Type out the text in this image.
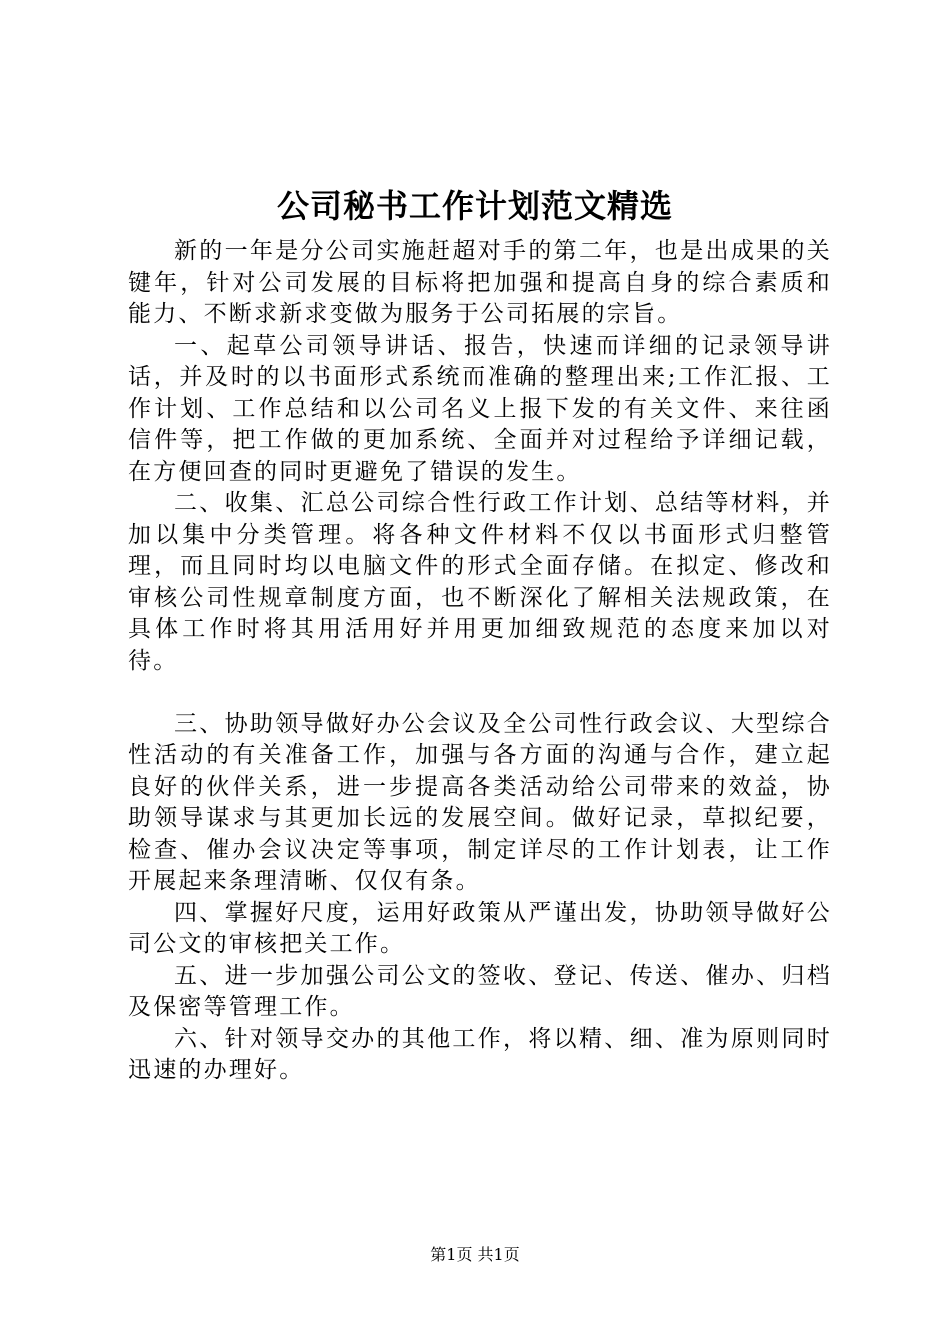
公司秘书工作计划范文精选

新的一年是分公司实施赶超对手的第二年，也是出成果的关键年，针对公司发展的目标将把加强和提高自身的综合素质和能力、不断求新求变做为服务于公司拓展的宗旨。

一、起草公司领导讲话、报告，快速而详细的记录领导讲话，并及时的以书面形式系统而准确的整理出来;工作汇报、工作计划、工作总结和以公司名义上报下发的有关文件、来往函信件等，把工作做的更加系统、全面并对过程给予详细记载，在方便回查的同时更避免了错误的发生。

二、收集、汇总公司综合性行政工作计划、总结等材料，并加以集中分类管理。将各种文件材料不仅以书面形式归整管理，而且同时均以电脑文件的形式全面存储。在拟定、修改和审核公司性规章制度方面，也不断深化了解相关法规政策，在具体工作时将其用活用好并用更加细致规范的态度来加以对待。

三、协助领导做好办公会议及全公司性行政会议、大型综合性活动的有关准备工作，加强与各方面的沟通与合作，建立起良好的伙伴关系，进一步提高各类活动给公司带来的效益，协助领导谋求与其更加长远的发展空间。做好记录，草拟纪要，检查、催办会议决定等事项，制定详尽的工作计划表，让工作开展起来条理清晰、仅仅有条。

四、掌握好尺度，运用好政策从严谨出发，协助领导做好公司公文的审核把关工作。

五、进一步加强公司公文的签收、登记、传送、催办、归档及保密等管理工作。

六、针对领导交办的其他工作，将以精、细、准为原则同时迅速的办理好。

第1页 共1页
